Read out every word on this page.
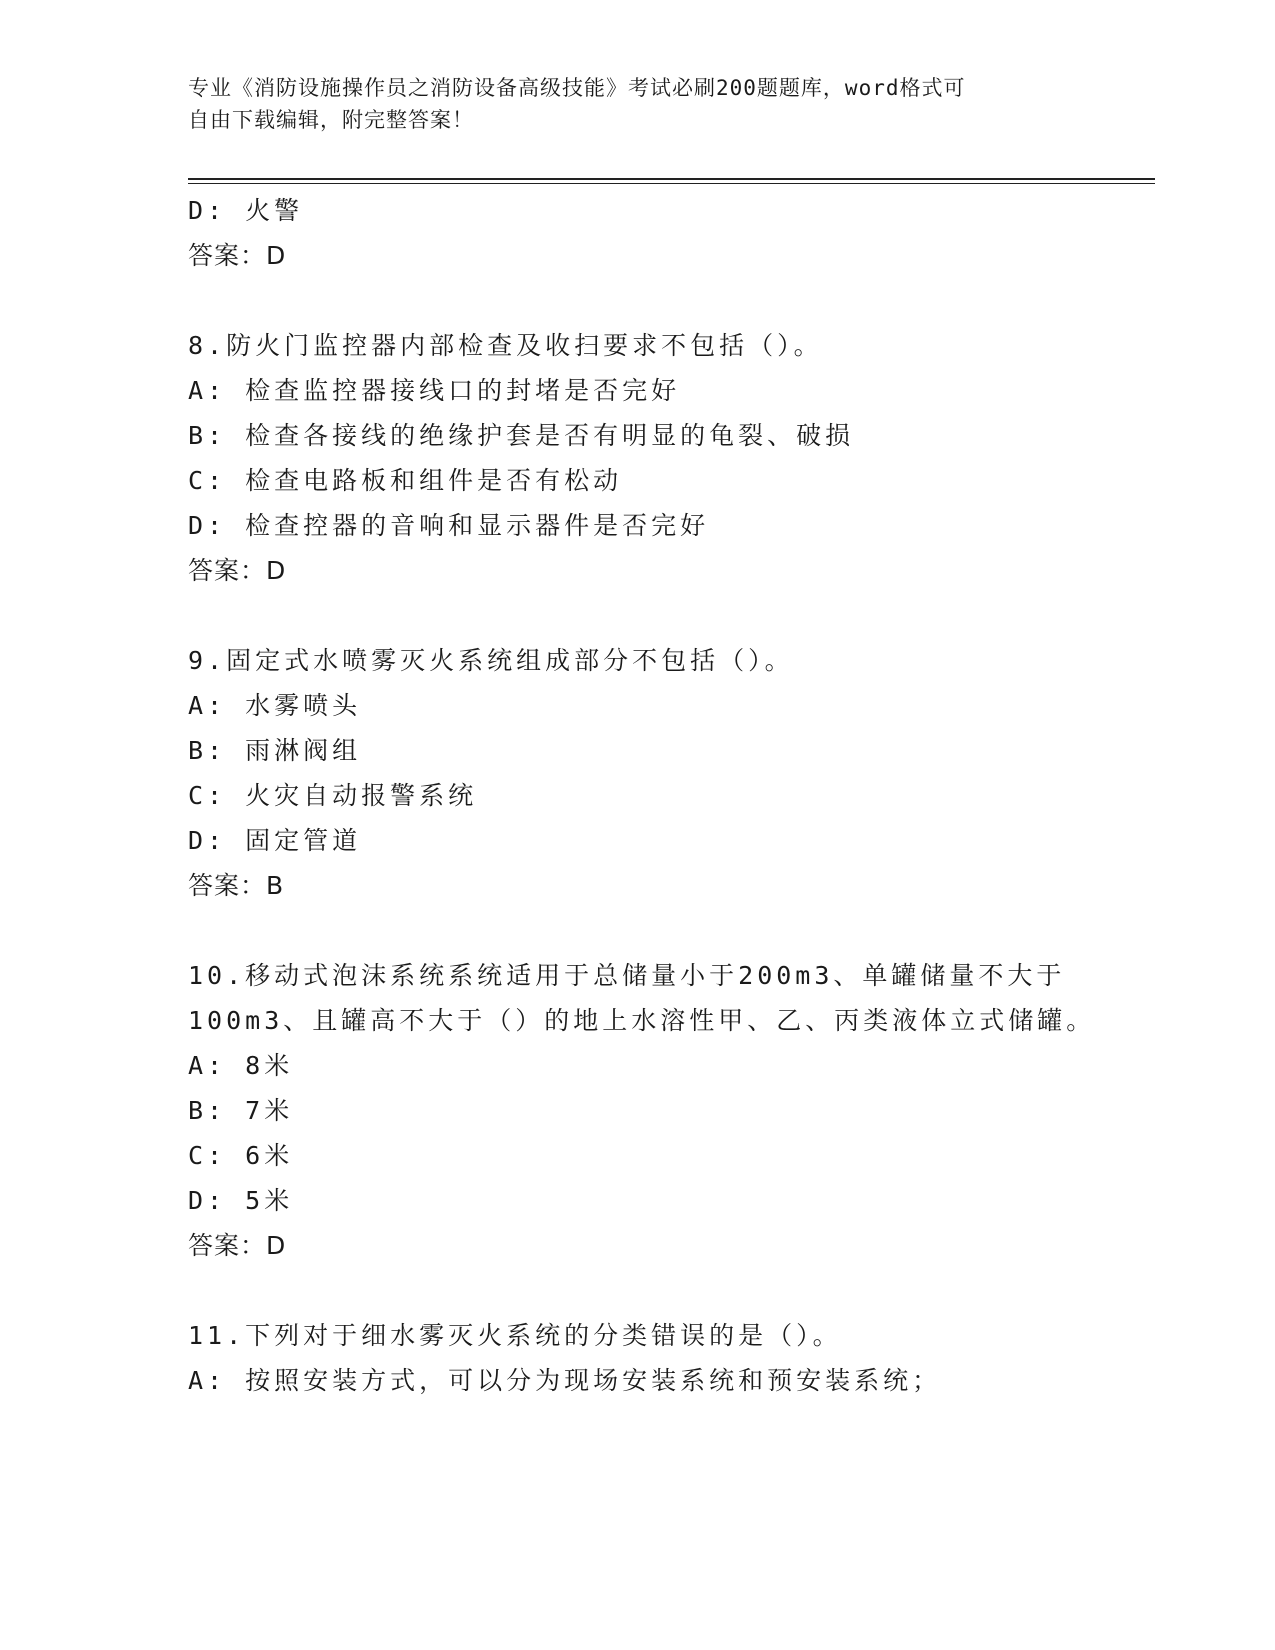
专业《消防设施操作员之消防设备高级技能》考试必刷200题题库，word格式可
自由下载编辑，附完整答案！
D: 火警
答案：D
8.防火门监控器内部检查及收扫要求不包括（）。
A: 检查监控器接线口的封堵是否完好
B: 检查各接线的绝缘护套是否有明显的龟裂、破损
C: 检查电路板和组件是否有松动
D: 检查控器的音响和显示器件是否完好
答案：D
9.固定式水喷雾灭火系统组成部分不包括（）。
A: 水雾喷头
B: 雨淋阀组
C: 火灾自动报警系统
D: 固定管道
答案：B
10.移动式泡沫系统系统适用于总储量小于200m3、单罐储量不大于
100m3、且罐高不大于（）的地上水溶性甲、乙、丙类液体立式储罐。
A: 8米
B: 7米
C: 6米
D: 5米
答案：D
11.下列对于细水雾灭火系统的分类错误的是（）。
A: 按照安装方式，可以分为现场安装系统和预安装系统；
